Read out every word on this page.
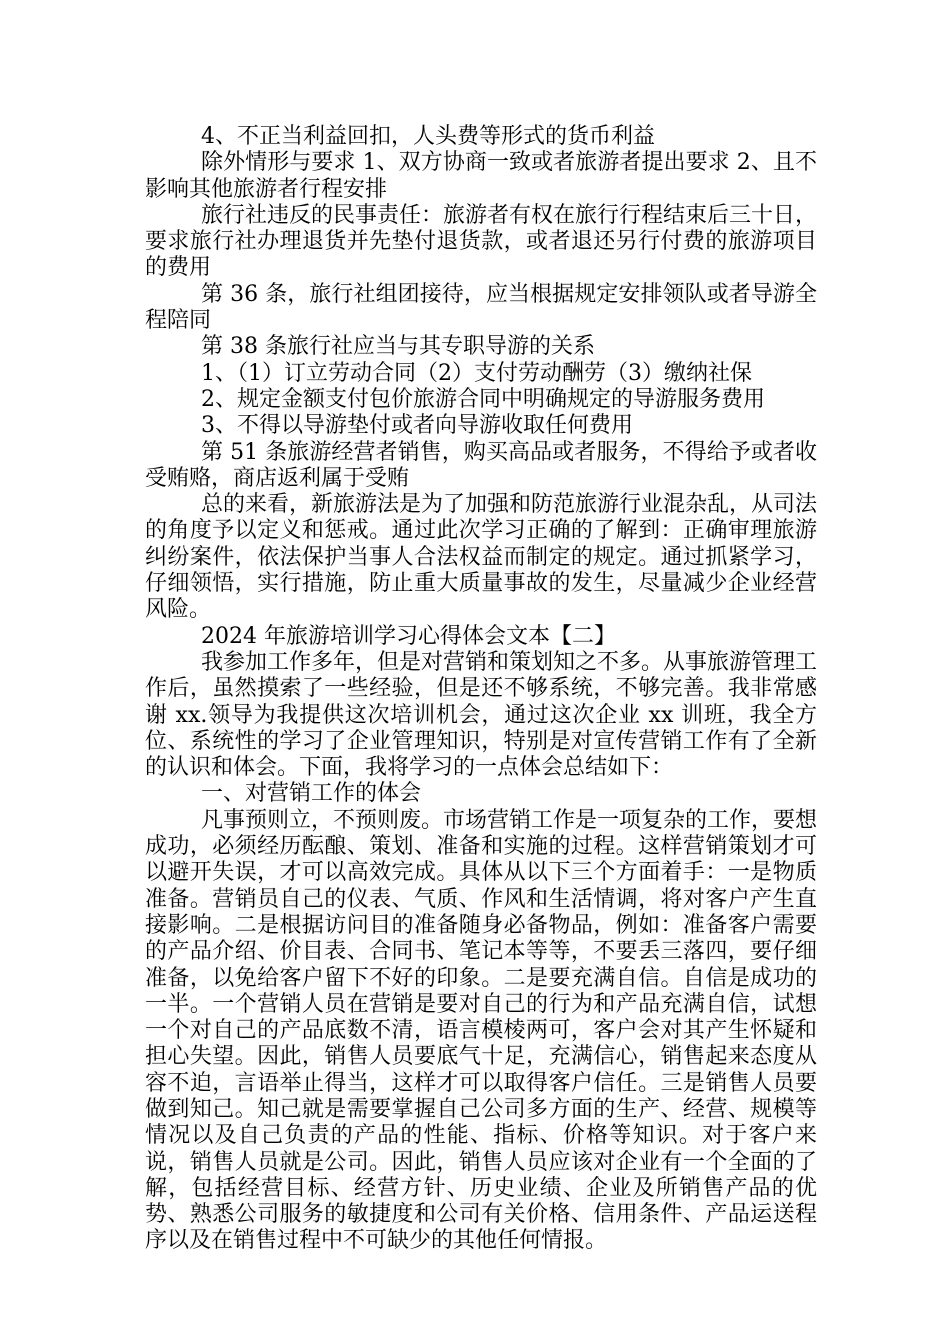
4、不正当利益回扣，人头费等形式的货币利益

除外情形与要求 1、双方协商一致或者旅游者提出要求 2、且不影响其他旅游者行程安排

旅行社违反的民事责任：旅游者有权在旅行行程结束后三十日，要求旅行社办理退货并先垫付退货款，或者退还另行付费的旅游项目的费用

第 36 条，旅行社组团接待，应当根据规定安排领队或者导游全程陪同

第 38 条旅行社应当与其专职导游的关系

1、（1）订立劳动合同（2）支付劳动酬劳（3）缴纳社保

2、规定金额支付包价旅游合同中明确规定的导游服务费用

3、不得以导游垫付或者向导游收取任何费用

第 51 条旅游经营者销售，购买高品或者服务，不得给予或者收受贿赂，商店返利属于受贿

总的来看，新旅游法是为了加强和防范旅游行业混杂乱，从司法的角度予以定义和惩戒。通过此次学习正确的了解到：正确审理旅游纠纷案件，依法保护当事人合法权益而制定的规定。通过抓紧学习，仔细领悟，实行措施，防止重大质量事故的发生，尽量减少企业经营风险。

2024 年旅游培训学习心得体会文本【二】

我参加工作多年，但是对营销和策划知之不多。从事旅游管理工作后，虽然摸索了一些经验，但是还不够系统，不够完善。我非常感谢 xx.领导为我提供这次培训机会，通过这次企业 xx 训班，我全方位、系统性的学习了企业管理知识，特别是对宣传营销工作有了全新的认识和体会。下面，我将学习的一点体会总结如下：

一、对营销工作的体会

凡事预则立，不预则废。市场营销工作是一项复杂的工作，要想成功，必须经历酝酿、策划、准备和实施的过程。这样营销策划才可以避开失误，才可以高效完成。具体从以下三个方面着手：一是物质准备。营销员自己的仪表、气质、作风和生活情调，将对客户产生直接影响。二是根据访问目的准备随身必备物品，例如：准备客户需要的产品介绍、价目表、合同书、笔记本等等，不要丢三落四，要仔细准备，以免给客户留下不好的印象。二是要充满自信。自信是成功的一半。一个营销人员在营销是要对自己的行为和产品充满自信，试想一个对自己的产品底数不清，语言模棱两可，客户会对其产生怀疑和担心失望。因此，销售人员要底气十足，充满信心，销售起来态度从容不迫，言语举止得当，这样才可以取得客户信任。三是销售人员要做到知己。知己就是需要掌握自己公司多方面的生产、经营、规模等情况以及自己负责的产品的性能、指标、价格等知识。对于客户来说，销售人员就是公司。因此，销售人员应该对企业有一个全面的了解，包括经营目标、经营方针、历史业绩、企业及所销售产品的优势、熟悉公司服务的敏捷度和公司有关价格、信用条件、产品运送程序以及在销售过程中不可缺少的其他任何情报。
